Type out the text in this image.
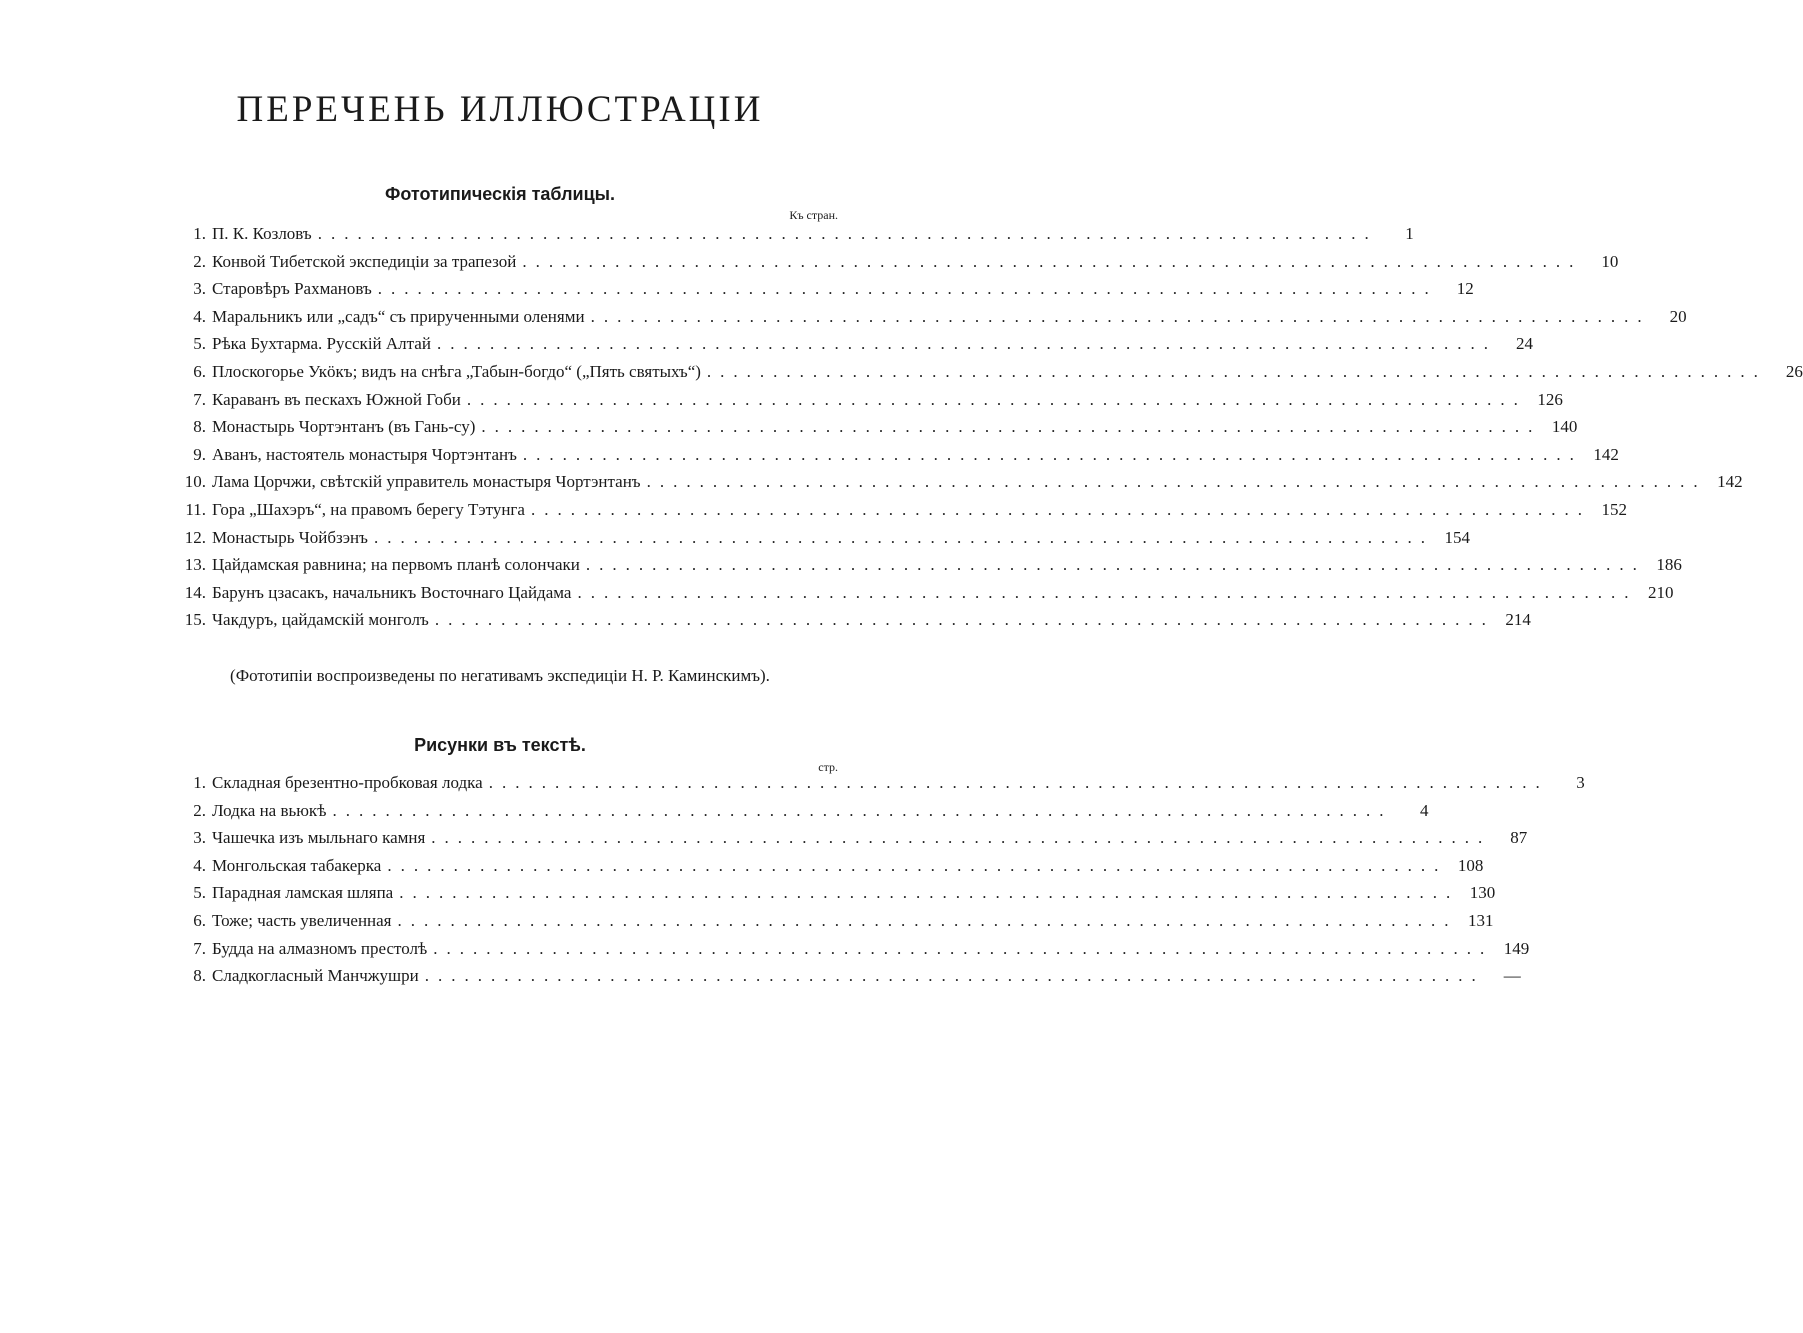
ПЕРЕЧЕНЬ ИЛЛЮСТРАЦIИ
Фототипическія таблицы.
Къ стран.
1. П. К. Козловъ ................................................................................	1
2. Конвой Тибетской экспедиціи за трапезой ................................................................................	10
3. Старовѣръ Рахмановъ ................................................................................	12
4. Маральникъ или „садъ“ съ прирученными оленями ................................................................................	20
5. Рѣка Бухтарма. Русскій Алтай ................................................................................	24
6. Плоскогорье Укӧкъ; видъ на снѣга „Табын-богдо“ („Пять святыхъ“) ................................................................................	26
7. Караванъ въ пескахъ Южной Гоби ................................................................................ 126
8. Монастырь Чортэнтанъ (въ Гань-су) ................................................................................ 140
9. Аванъ, настоятель монастыря Чортэнтанъ ................................................................................ 142
10. Лама Цорчжи, свѣтскій управитель монастыря Чортэнтанъ ................................................................................ 142
11. Гора „Шахэръ“, на правомъ берегу Тэтунга ................................................................................ 152
12. Монастырь Чойбзэнъ ................................................................................ 154
13. Цайдамская равнина; на первомъ планѣ солончаки ................................................................................ 186
14. Барунъ цзасакъ, начальникъ Восточнаго Цайдама ................................................................................ 210
15. Чакдуръ, цайдамскій монголъ ................................................................................ 214
(Фототипіи воспроизведены по негативамъ экспедиціи Н. Р. Каминскимъ).
Рисунки въ текстѣ.
стр.
1. Складная брезентно-пробковая лодка ................................................................................	3
2. Лодка на вьюкѣ ................................................................................	4
3. Чашечка изъ мыльнаго камня ................................................................................	87
4. Монгольская табакерка ................................................................................ 108
5. Парадная ламская шляпа ................................................................................ 130
6. Тоже; часть увеличенная ................................................................................ 131
7. Будда на алмазномъ престолѣ ................................................................................ 149
8. Сладкогласный Манчжушри ................................................................................	—
